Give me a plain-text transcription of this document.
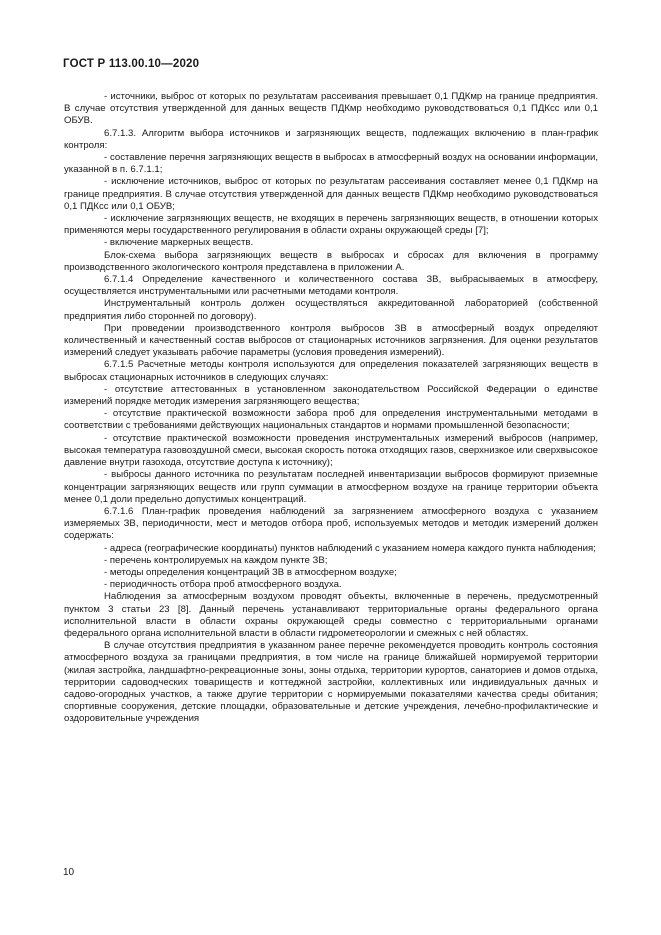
ГОСТ Р 113.00.10—2020

- источники, выброс от которых по результатам рассеивания превышает 0,1 ПДКмр на границе предприятия. В случае отсутствия утвержденной для данных веществ ПДКмр необходимо руководствоваться 0,1 ПДКсс или 0,1 ОБУВ.

6.7.1.3. Алгоритм выбора источников и загрязняющих веществ, подлежащих включению в план-график контроля:

- составление перечня загрязняющих веществ в выбросах в атмосферный воздух на основании информации, указанной в п. 6.7.1.1;

- исключение источников, выброс от которых по результатам рассеивания составляет менее 0,1 ПДКмр на границе предприятия. В случае отсутствия утвержденной для данных веществ ПДКмр необходимо руководствоваться 0,1 ПДКсс или 0,1 ОБУВ;

- исключение загрязняющих веществ, не входящих в перечень загрязняющих веществ, в отношении которых применяются меры государственного регулирования в области охраны окружающей среды [7];

- включение маркерных веществ.

Блок-схема выбора загрязняющих веществ в выбросах и сбросах для включения в программу производственного экологического контроля представлена в приложении А.

6.7.1.4 Определение качественного и количественного состава ЗВ, выбрасываемых в атмосферу, осуществляется инструментальными или расчетными методами контроля.

Инструментальный контроль должен осуществляться аккредитованной лабораторией (собственной предприятия либо сторонней по договору).

При проведении производственного контроля выбросов ЗВ в атмосферный воздух определяют количественный и качественный состав выбросов от стационарных источников загрязнения. Для оценки результатов измерений следует указывать рабочие параметры (условия проведения измерений).

6.7.1.5 Расчетные методы контроля используются для определения показателей загрязняющих веществ в выбросах стационарных источников в следующих случаях:

- отсутствие аттестованных в установленном законодательством Российской Федерации о единстве измерений порядке методик измерения загрязняющего вещества;

- отсутствие практической возможности забора проб для определения инструментальными методами в соответствии с требованиями действующих национальных стандартов и нормами промышленной безопасности;

- отсутствие практической возможности проведения инструментальных измерений выбросов (например, высокая температура газовоздушной смеси, высокая скорость потока отходящих газов, сверхнизкое или сверхвысокое давление внутри газохода, отсутствие доступа к источнику);

- выбросы данного источника по результатам последней инвентаризации выбросов формируют приземные концентрации загрязняющих веществ или групп суммации в атмосферном воздухе на границе территории объекта менее 0,1 доли предельно допустимых концентраций.

6.7.1.6 План-график проведения наблюдений за загрязнением атмосферного воздуха с указанием измеряемых ЗВ, периодичности, мест и методов отбора проб, используемых методов и методик измерений должен содержать:

- адреса (географические координаты) пунктов наблюдений с указанием номера каждого пункта наблюдения;

- перечень контролируемых на каждом пункте ЗВ;

- методы определения концентраций ЗВ в атмосферном воздухе;

- периодичность отбора проб атмосферного воздуха.

Наблюдения за атмосферным воздухом проводят объекты, включенные в перечень, предусмотренный пунктом 3 статьи 23 [8]. Данный перечень устанавливают территориальные органы федерального органа исполнительной власти в области охраны окружающей среды совместно с территориальными органами федерального органа исполнительной власти в области гидрометеорологии и смежных с ней областях.

В случае отсутствия предприятия в указанном ранее перечне рекомендуется проводить контроль состояния атмосферного воздуха за границами предприятия, в том числе на границе ближайшей нормируемой территории (жилая застройка, ландшафтно-рекреационные зоны, зоны отдыха, территории курортов, санаториев и домов отдыха, территории садоводческих товариществ и коттеджной застройки, коллективных или индивидуальных дачных и садово-огородных участков, а также другие территории с нормируемыми показателями качества среды обитания; спортивные сооружения, детские площадки, образовательные и детские учреждения, лечебно-профилактические и оздоровительные учреждения

10
